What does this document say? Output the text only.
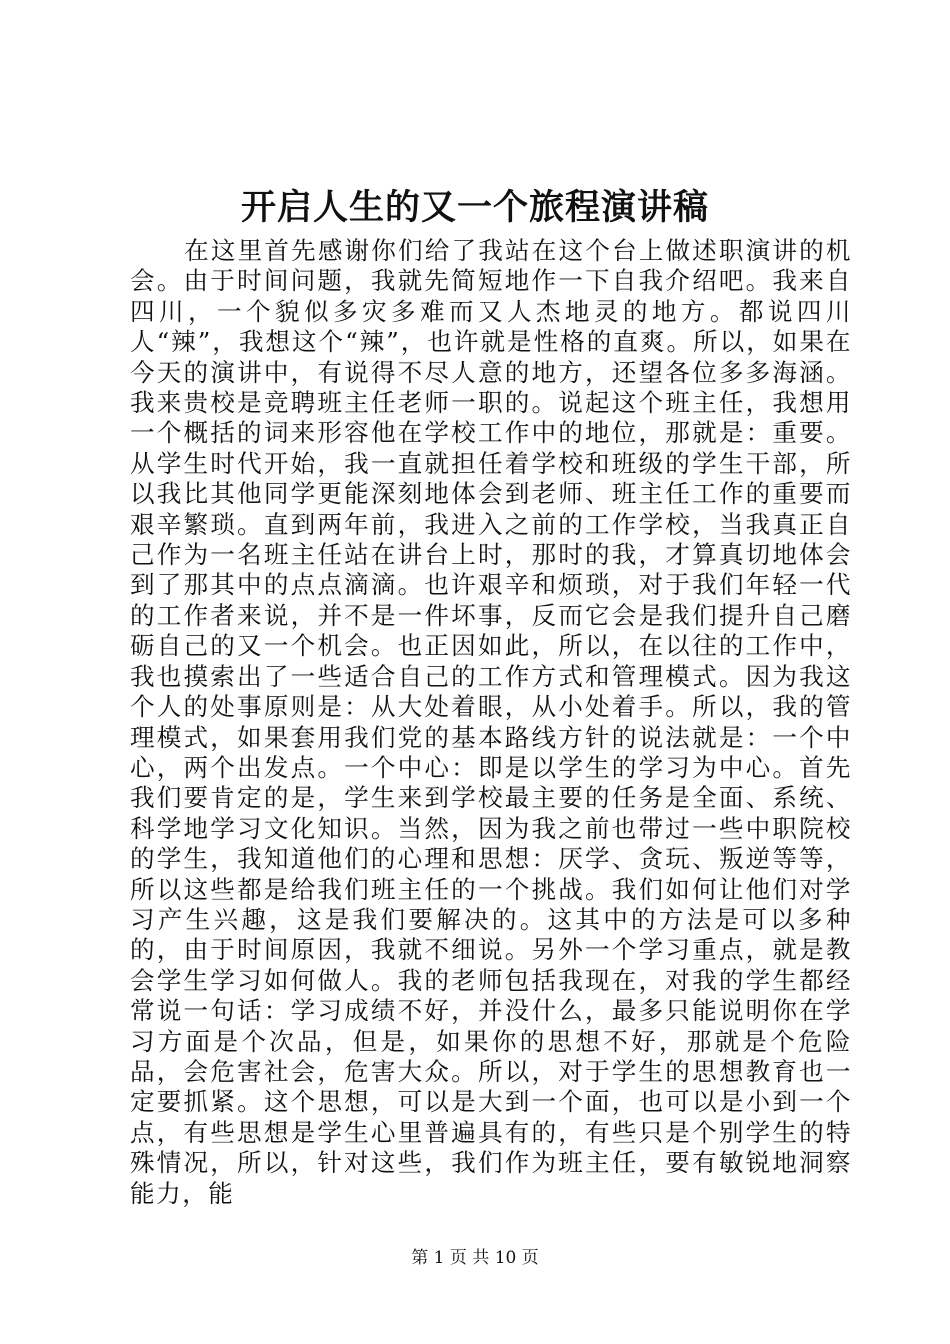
开启人生的又一个旅程演讲稿

在这里首先感谢你们给了我站在这个台上做述职演讲的机会。由于时间问题，我就先简短地作一下自我介绍吧。我来自四川，一个貌似多灾多难而又人杰地灵的地方。都说四川人“辣”，我想这个“辣”，也许就是性格的直爽。所以，如果在今天的演讲中，有说得不尽人意的地方，还望各位多多海涵。我来贵校是竞聘班主任老师一职的。说起这个班主任，我想用一个概括的词来形容他在学校工作中的地位，那就是：重要。从学生时代开始，我一直就担任着学校和班级的学生干部，所以我比其他同学更能深刻地体会到老师、班主任工作的重要而艰辛繁琐。直到两年前，我进入之前的工作学校，当我真正自己作为一名班主任站在讲台上时，那时的我，才算真切地体会到了那其中的点点滴滴。也许艰辛和烦琐，对于我们年轻一代的工作者来说，并不是一件坏事，反而它会是我们提升自己磨砺自己的又一个机会。也正因如此，所以，在以往的工作中，我也摸索出了一些适合自己的工作方式和管理模式。因为我这个人的处事原则是：从大处着眼，从小处着手。所以，我的管理模式，如果套用我们党的基本路线方针的说法就是：一个中心，两个出发点。一个中心：即是以学生的学习为中心。首先我们要肯定的是，学生来到学校最主要的任务是全面、系统、科学地学习文化知识。当然，因为我之前也带过一些中职院校的学生，我知道他们的心理和思想：厌学、贪玩、叛逆等等，所以这些都是给我们班主任的一个挑战。我们如何让他们对学习产生兴趣，这是我们要解决的。这其中的方法是可以多种的，由于时间原因，我就不细说。另外一个学习重点，就是教会学生学习如何做人。我的老师包括我现在，对我的学生都经常说一句话：学习成绩不好，并没什么，最多只能说明你在学习方面是个次品，但是，如果你的思想不好，那就是个危险品，会危害社会，危害大众。所以，对于学生的思想教育也一定要抓紧。这个思想，可以是大到一个面，也可以是小到一个点，有些思想是学生心里普遍具有的，有些只是个别学生的特殊情况，所以，针对这些，我们作为班主任，要有敏锐地洞察能力，能

第 1 页 共 10 页
